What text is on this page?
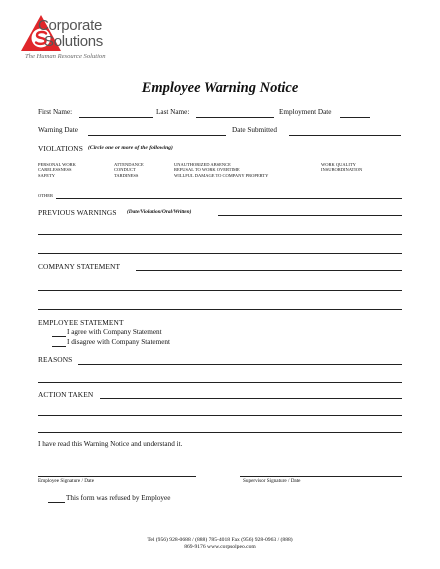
Corporate
Solutions
The Human Resource Solution
Employee Warning Notice
First Name:	Last Name:	Employment Date
Warning Date	Date Submitted
VIOLATIONS (Circle one or more of the following)
PERSONAL WORK
CARELESSNESS
SAFETY
ATTENDANCE
CONDUCT
TARDINESS
UNAUTHORIZED ABSENCE
REFUSAL TO WORK OVERTIME
WILLFUL DAMAGE TO COMPANY PROPERTY
WORK QUALITY
INSUBORDINATION
OTHER
PREVIOUS WARNINGS (Date/Violation/Oral/Written)
COMPANY STATEMENT
EMPLOYEE STATEMENT
I agree with Company Statement
I disagree with Company Statement
REASONS
ACTION TAKEN
I have read this Warning Notice and understand it.
Employee Signature / Date	Supervisor Signature / Date
This form was refused by Employee
Tel (956) 928-0688 / (888) 785-4018 Fax (956) 928-0963 / (888)
869-9176 www.corpsolpeo.com
